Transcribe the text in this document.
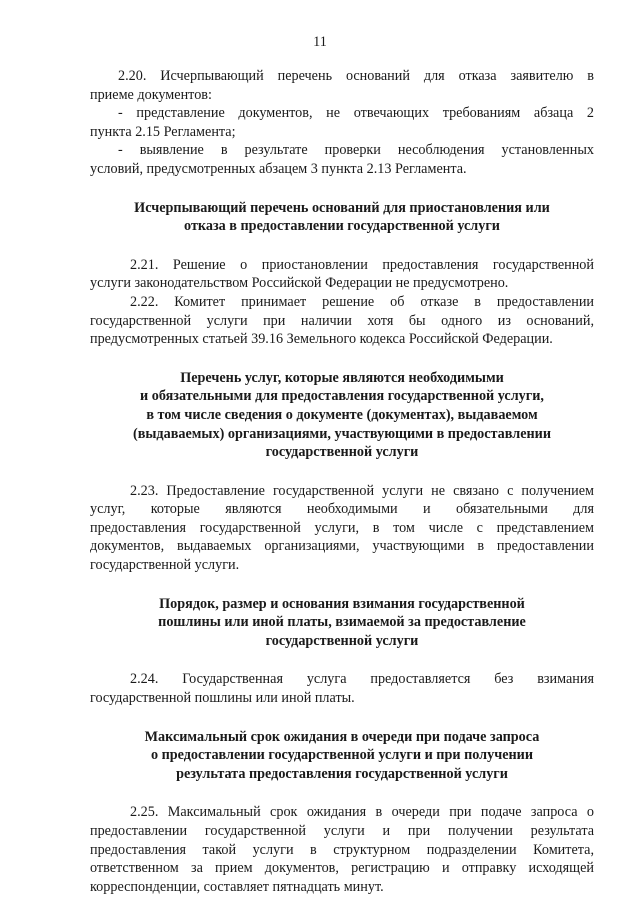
11
2.20. Исчерпывающий перечень оснований для отказа заявителю в
приеме документов:
- представление документов, не отвечающих требованиям абзаца 2
пункта 2.15 Регламента;
- выявление в результате проверки несоблюдения установленных
условий, предусмотренных абзацем 3 пункта 2.13 Регламента.
Исчерпывающий перечень оснований для приостановления или
отказа в предоставлении государственной услуги
2.21. Решение о приостановлении предоставления государственной
услуги законодательством Российской Федерации не предусмотрено.
2.22. Комитет принимает решение об отказе в предоставлении
государственной услуги при наличии хотя бы одного из оснований,
предусмотренных статьей 39.16 Земельного кодекса Российской Федерации.
Перечень услуг, которые являются необходимыми
и обязательными для предоставления государственной услуги,
в том числе сведения о документе (документах), выдаваемом
(выдаваемых) организациями, участвующими в предоставлении
государственной услуги
2.23. Предоставление государственной услуги не связано с получением
услуг, которые являются необходимыми и обязательными для
предоставления государственной услуги, в том числе с представлением
документов, выдаваемых организациями, участвующими в предоставлении
государственной услуги.
Порядок, размер и основания взимания государственной
пошлины или иной платы, взимаемой за предоставление
государственной услуги
2.24. Государственная услуга предоставляется без взимания
государственной пошлины или иной платы.
Максимальный срок ожидания в очереди при подаче запроса
о предоставлении государственной услуги и при получении
результата предоставления государственной услуги
2.25. Максимальный срок ожидания в очереди при подаче запроса о
предоставлении государственной услуги и при получении результата
предоставления такой услуги в структурном подразделении Комитета,
ответственном за прием документов, регистрацию и отправку исходящей
корреспонденции, составляет пятнадцать минут.
